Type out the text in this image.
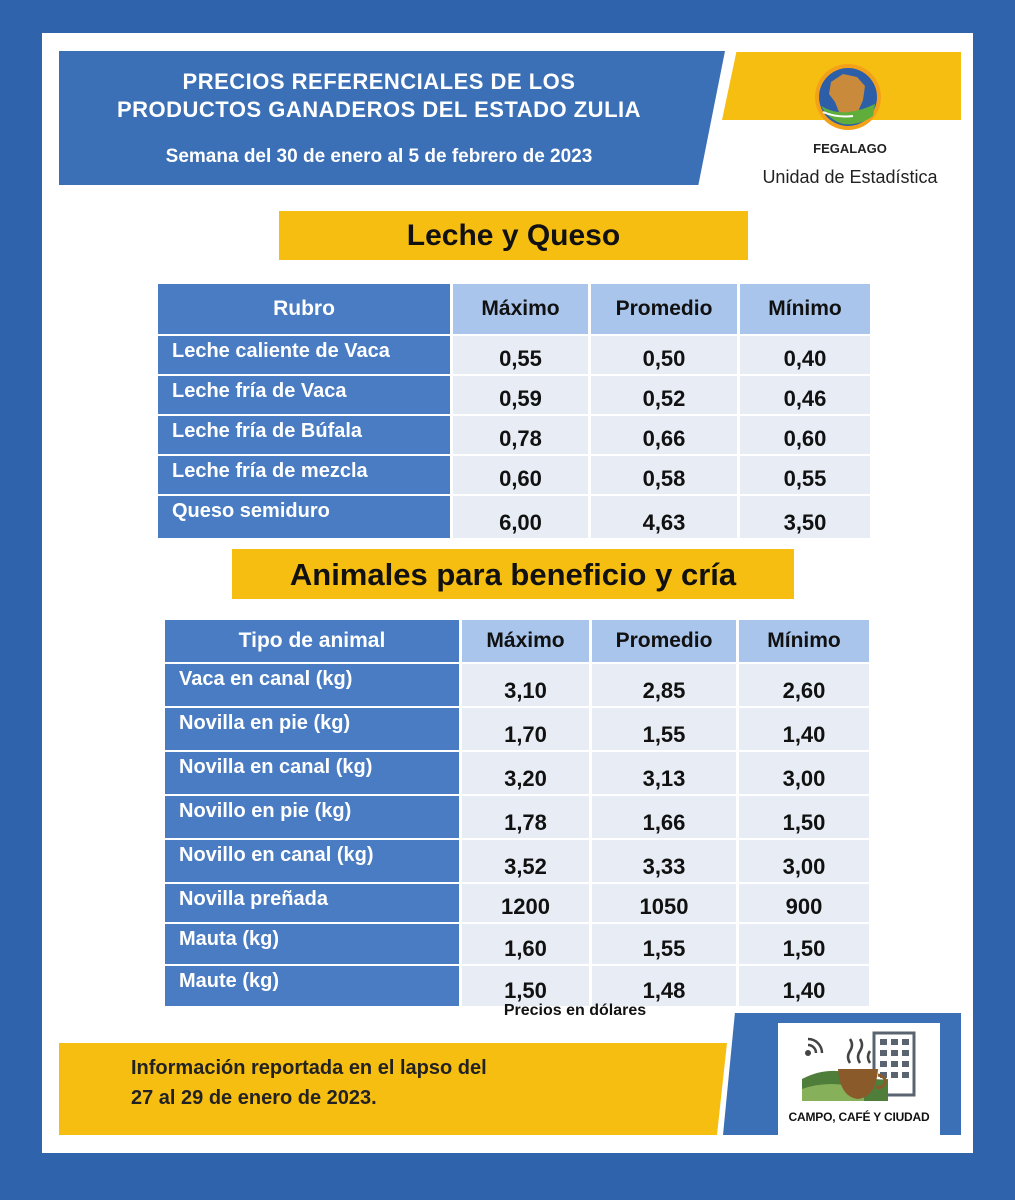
PRECIOS REFERENCIALES DE LOS
PRODUCTOS GANADEROS DEL ESTADO ZULIA
Semana del 30 de enero al 5 de febrero de 2023	FEGALAGO
Unidad de Estadística
Leche y Queso
Rubro	Máximo	Promedio	Mínimo
Leche caliente de Vaca	0,55	0,50	0,40
Leche fría de Vaca	0,59	0,52	0,46
Leche fría de Búfala	0,78	0,66	0,60
Leche fría de mezcla	0,60	0,58	0,55
Queso semiduro	6,00	4,63	3,50
Animales para beneficio y cría
Tipo de animal	Máximo	Promedio	Mínimo
Vaca en canal (kg)	3,10	2,85	2,60
Novilla en pie (kg)	1,70	1,55	1,40
Novilla en canal (kg)	3,20	3,13	3,00
Novillo en pie (kg)	1,78	1,66	1,50
Novillo en canal (kg)	3,52	3,33	3,00
Novilla preñada	1200	1050	900
Mauta (kg)	1,60	1,55	1,50
Maute (kg)	1,50	1,48	1,40
Precios en dólares
Información reportada en el lapso del
27 al 29 de enero de 2023.
CAMPO, CAFÉ Y CIUDAD
